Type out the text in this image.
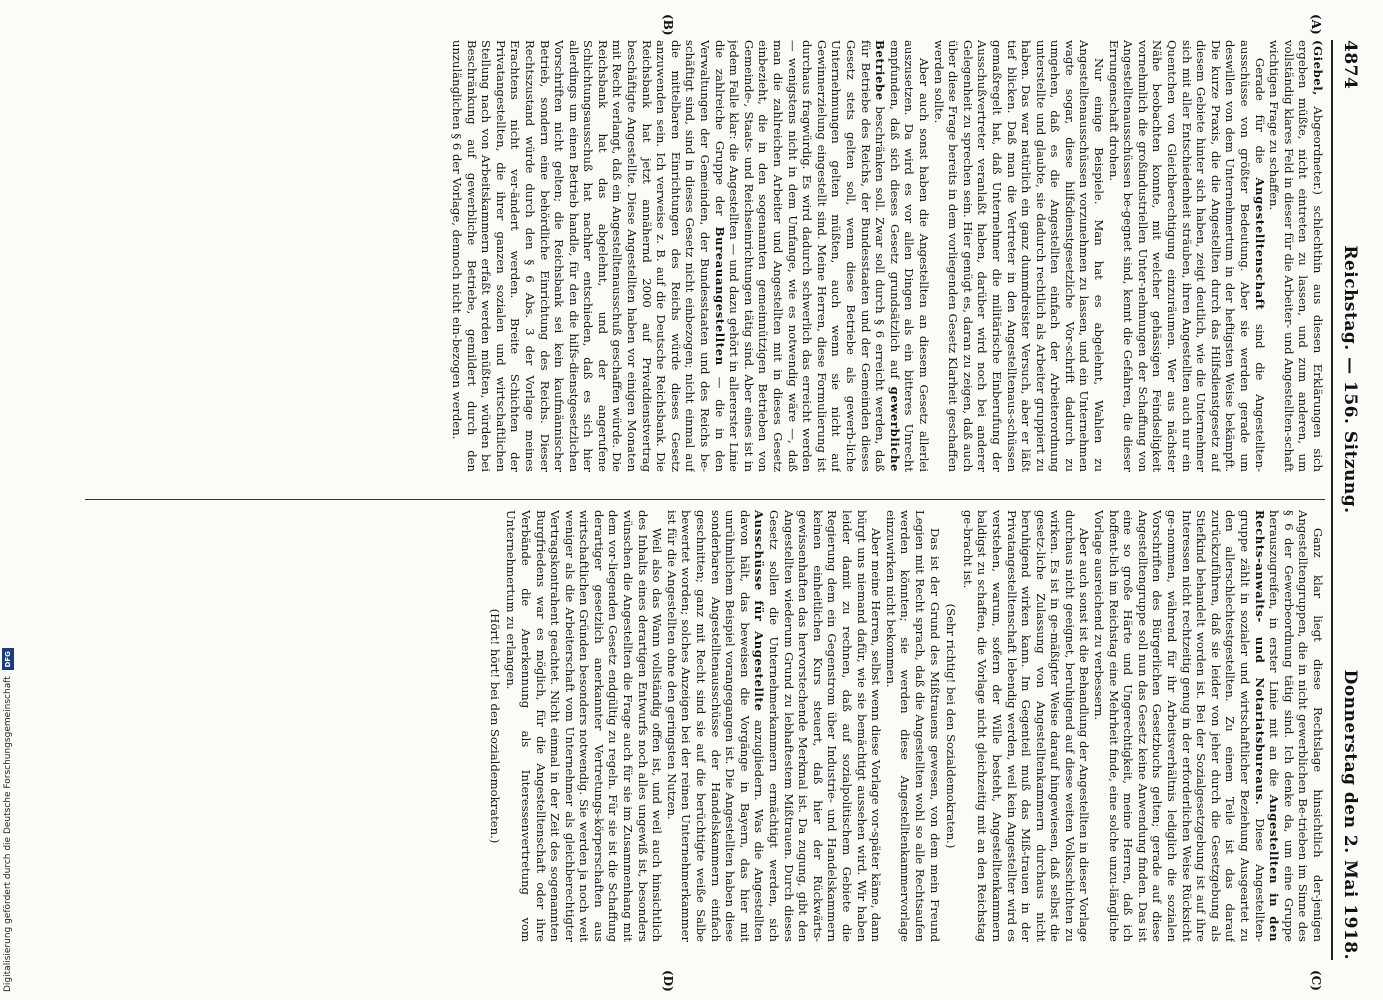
4874
Reichstag. — 156. Sitzung.
Donnerstag den 2. Mai 1918.
(A)
(B)
(C)
(D)

(Giebel, Abgeordneter.) schlechthin aus diesen Erklärungen sich ergeben müßte, nicht eintreten zu lassen, und zum anderen, um vollständig klares Feld in dieser für die Arbeiter- und Angestellten-schaft wichtigen Frage zu schaffen.

Gerade für die Angestelltenschaft sind die Angestellten-ausschüsse von größter Bedeutung. Aber sie werden gerade um deswillen von dem Unternehmertum in der heftigsten Weise bekämpft. Die kurze Praxis, die die Angestellten durch das Hilfsdienstgesetz auf diesem Gebiete hinter sich haben, zeigt deutlich, wie die Unternehmer sich mit aller Entschiedenheit sträuben, ihren Angestellten auch nur ein Quentchen von Gleichberechtigung einzuräumen. Wer aus nächster Nähe beobachten konnte, mit welcher gehässigen Feindseligkeit vornehmlich die großindustriellen Unter-nehmungen der Schaffung von Angestelltenausschüssen be-gegnet sind, kennt die Gefahren, die dieser Errungenschaft drohen.

Nur einige Beispiele. Man hat es abgelehnt, Wahlen zu Angestelltenausschüssen vorzunehmen zu lassen, und ein Unternehmen wagte sogar, diese hilfsdienstgesetzliche Vor-schrift dadurch zu umgehen, daß es die Angestellten einfach der Arbeiterordnung unterstellte und glaubte, sie dadurch rechtlich als Arbeiter gruppiert zu haben. Das war natürlich ein ganz dummdreister Versuch, aber er läßt tief blicken. Daß man die Vertreter in den Angestelltenaus-schüssen gemaßregelt hat, daß Unternehmer die militärische Einberufung der Ausschußvertreter veranlaßt haben, darüber wird noch bei anderer Gelegenheit zu sprechen sein. Hier genügt es, daran zu zeigen, daß auch über diese Frage bereits in dem vorliegenden Gesetz Klarheit geschaffen werden sollte.

Aber auch sonst haben die Angestellten an diesem Gesetz allerlei auszusetzen. Da wird es vor allen Dingen als ein bitteres Unrecht empfunden, daß sich dieses Gesetz grundsätzlich auf gewerbliche Betriebe beschränken soll. Zwar soll durch § 6 erreicht werden, daß für Betriebe des Reichs, der Bundesstaaten und der Gemeinden dieses Gesetz stets gelten soll, wenn diese Betriebe als gewerb-liche Unternehmungen gelten müßten, auch wenn sie nicht auf Gewinnerzielung eingestellt sind. Meine Herren, diese Formulierung ist durchaus fragwürdig. Es wird dadurch schwerlich das erreicht werden — wenigstens nicht in dem Umfange, wie es notwendig wäre —, daß man die zahlreichen Arbeiter und Angestellten mit in dieses Gesetz einbezieht, die in den sogenannten gemeinnützigen Betrieben von Gemeinde-, Staats- und Reichseinrichtungen tätig sind. Aber eines ist in jedem Falle klar: die Angestellten — und dazu gehört in allererster Linie die zahlreiche Gruppe der Bureauangestellten — die in den Verwaltungen der Gemeinden, der Bundesstaaten und des Reichs be-schäftigt sind, sind in dieses Gesetz nicht einbezogen; nicht einmal auf die mittelbaren Einrichtungen des Reichs würde dieses Gesetz anzuwenden sein. Ich verweise z. B. auf die Deutsche Reichsbank. Die Reichsbank hat jetzt annähernd 2000 auf Privatdienstvertrag beschäftigte Angestellte. Diese Angestellten haben vor einigen Monaten mit Recht verlangt, daß ein Angestelltenausschuß geschaffen würde. Die Reichsbank hat das abgelehnt, und der angerufene Schlichtungsausschuß hat nachher entschieden, daß es sich hier allerdings um einen Betrieb handle, für den die hilfs-dienstgesetzlichen Vorschriften nicht gelten; die Reichsbank sei kein kaufmännischer Betrieb, sondern eine behördliche Einrichtung des Reichs. Dieser Rechtszustand würde durch den § 6 Abs. 3 der Vorlage meines Erachtens nicht ver-ändert werden. Breite Schichten der Privatangestellten, die ihrer ganzen sozialen und wirtschaftlichen Stellung nach von Arbeitskammern erfaßt werden müßten, würden bei Beschränkung auf gewerbliche Betriebe, gemildert durch den unzulänglichen § 6 der Vorlage, dennoch nicht ein-bezogen werden.

Ganz klar liegt diese Rechtslage hinsichtlich der-jenigen Angestelltengruppen, die in nicht gewerblichen Be-trieben im Sinne des § 6 der Gewerbeordnung tätig sind. Ich denke da, um eine Gruppe herauszugreifen, in erster Linie mit an die Angestellten in den Rechts-anwalts- und Notariatsbureaus. Diese Angestellten-gruppe zählt in sozialer und wirtschaftlicher Beziehung Ausgeartet zu den allerschlechtestgestellten. Zu einem Teile ist das darauf zurückzuführen, daß sie leider von jeher durch die Gesetzgebung als Stiefkind behandelt worden ist. Bei der Sozialgesetzgebung ist auf ihre Interessen nicht rechtzeitig genug in der erforderlichen Weise Rücksicht ge-nommen, während für ihr Arbeitsverhältnis lediglich die sozialen Vorschriften des Bürgerlichen Gesetzbuchs gelten; gerade auf diese Angestelltengruppe soll nun das Gesetz keine Anwendung finden. Das ist eine so große Härte und Ungerechtigkeit, meine Herren, daß ich hoffent-lich im Reichstag eine Mehrheit finde, eine solche unzu-längliche Vorlage ausreichend zu verbessern.

Aber auch sonst ist die Behandlung der Angestellten in dieser Vorlage durchaus nicht geeignet, beruhigend auf diese weiten Volksschichten zu wirken. Es ist in ge-mäßigter Weise darauf hingewiesen, daß selbst die gesetz-liche Zulassung von Angestelltenkammern durchaus nicht beruhigend wirken kann. Im Gegenteil muß das Miß-trauen in der Privatangestelltenschaft lebendig werden, weil kein Angestellter wird es verstehen, warum, sofern der Wille besteht, Angestelltenkammern baldigst zu schaffen, die Vorlage nicht gleichzeitig mit an den Reichstag ge-bracht ist.

(Sehr richtig! bei den Sozialdemokraten.)

Das ist der Grund des Mißtrauens gewesen, von dem mein Freund Legien mit Recht sprach, daß die Angestellten wohl so alle Rechtsaufen werden könnten; sie werden diese Angestelltenkammervorlage einzuwirken nicht bekommen.

Aber meine Herren, selbst wenn diese Vorlage vor-später käme, dann bürgt uns niemand dafür, wie sie bemächtigt aussehen wird. Wir haben leider damit zu rechnen, daß auf sozialpolitischem Gebiete die Regierung dem ein Gegenstrom über Industrie- und Handelskammern keinen einheitlichen Kurs steuert, daß hier der Rückwärts-gewissenhaften das hervorstechende Merkmal ist. Da zugung, gibt den Angestellten wiederum Grund zu lebhaftestem Mißtrauen. Durch dieses Gesetz sollen die Unternehmerkammern ermächtigt werden, sich Ausschüsse für Angestellte anzugliedern. Was die Angestellten davon hält, das beweisen die Vorgänge in Bayern, das hier mit unrühmlichem Beispiel vorangegangen ist. Die Angestellten haben diese sonderbaren Angestelltenausschüsse der Handelskammern einfach geschnitten; ganz mit Recht sind sie auf die berüchtigte weiße Salbe bewertet worden; solches Anzeigen bei der reinen Unternehmerkammer ist für die Angestellten ohne den geringsten Nutzen.

Weil also das Wann vollständig offen ist, und weil auch hinsichtlich des Inhalts eines derartigen Entwurfs noch alles ungewiß ist, besonders wünschen die Angestellten die Frage auch für sie im Zusammenhang mit dem vor-liegenden Gesetz endgültig zu regeln. Für sie ist die Schaffung derartiger gesetzlich anerkannter Vertretungs-körperschaften aus wirtschaftlichen Gründen besonders notwendig. Sie werden ja noch weit weniger als die Arbeiterschaft vom Unternehmer als gleichberechtigter Vertragskontrahent geachtet. Nicht einmal in der Zeit des sogenannten Burgfriedens war es möglich, für die Angestelltenschaft oder ihre Verbände die Anerkennung als Interessenvertretung vom Unternehmertum zu erlangen.

(Hört! hört! bei den Sozialdemokraten.)

Digitalisierung gefördert durch die Deutsche Forschungsgemeinschaft
DFG
